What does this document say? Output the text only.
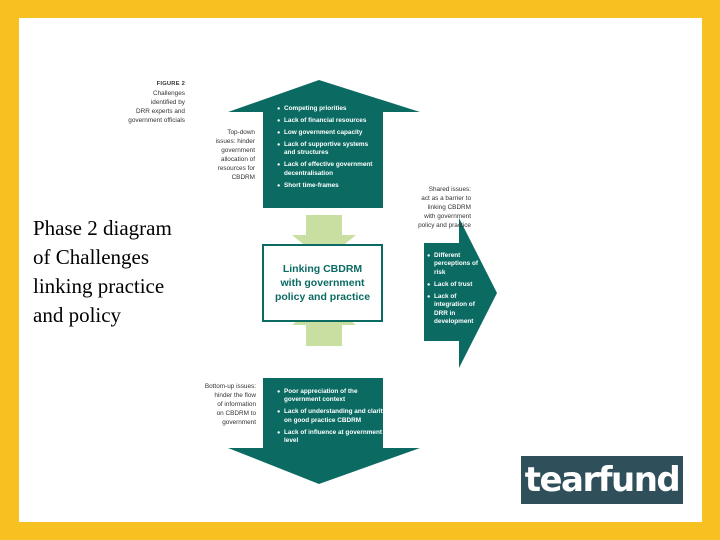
Phase 2 diagram
of Challenges
linking practice
and policy
FIGURE 2
Challenges
identified by
DRR experts and
government officials
Top-down
issues: hinder
government
allocation of
resources for
CBDRM
● Competing priorities
● Lack of financial resources
● Low government capacity
● Lack of supportive systems and structures
● Lack of effective government decentralisation
● Short time-frames
Linking CBDRM
with government
policy and practice
Shared issues:
act as a barrier to
linking CBDRM
with government
policy and practice
● Different perceptions of risk
● Lack of trust
● Lack of integration of DRR in development
Bottom-up issues:
hinder the flow
of information
on CBDRM to
government
● Poor appreciation of the government context
● Lack of understanding and clarity on good practice CBDRM
● Lack of influence at government level
tearfund
